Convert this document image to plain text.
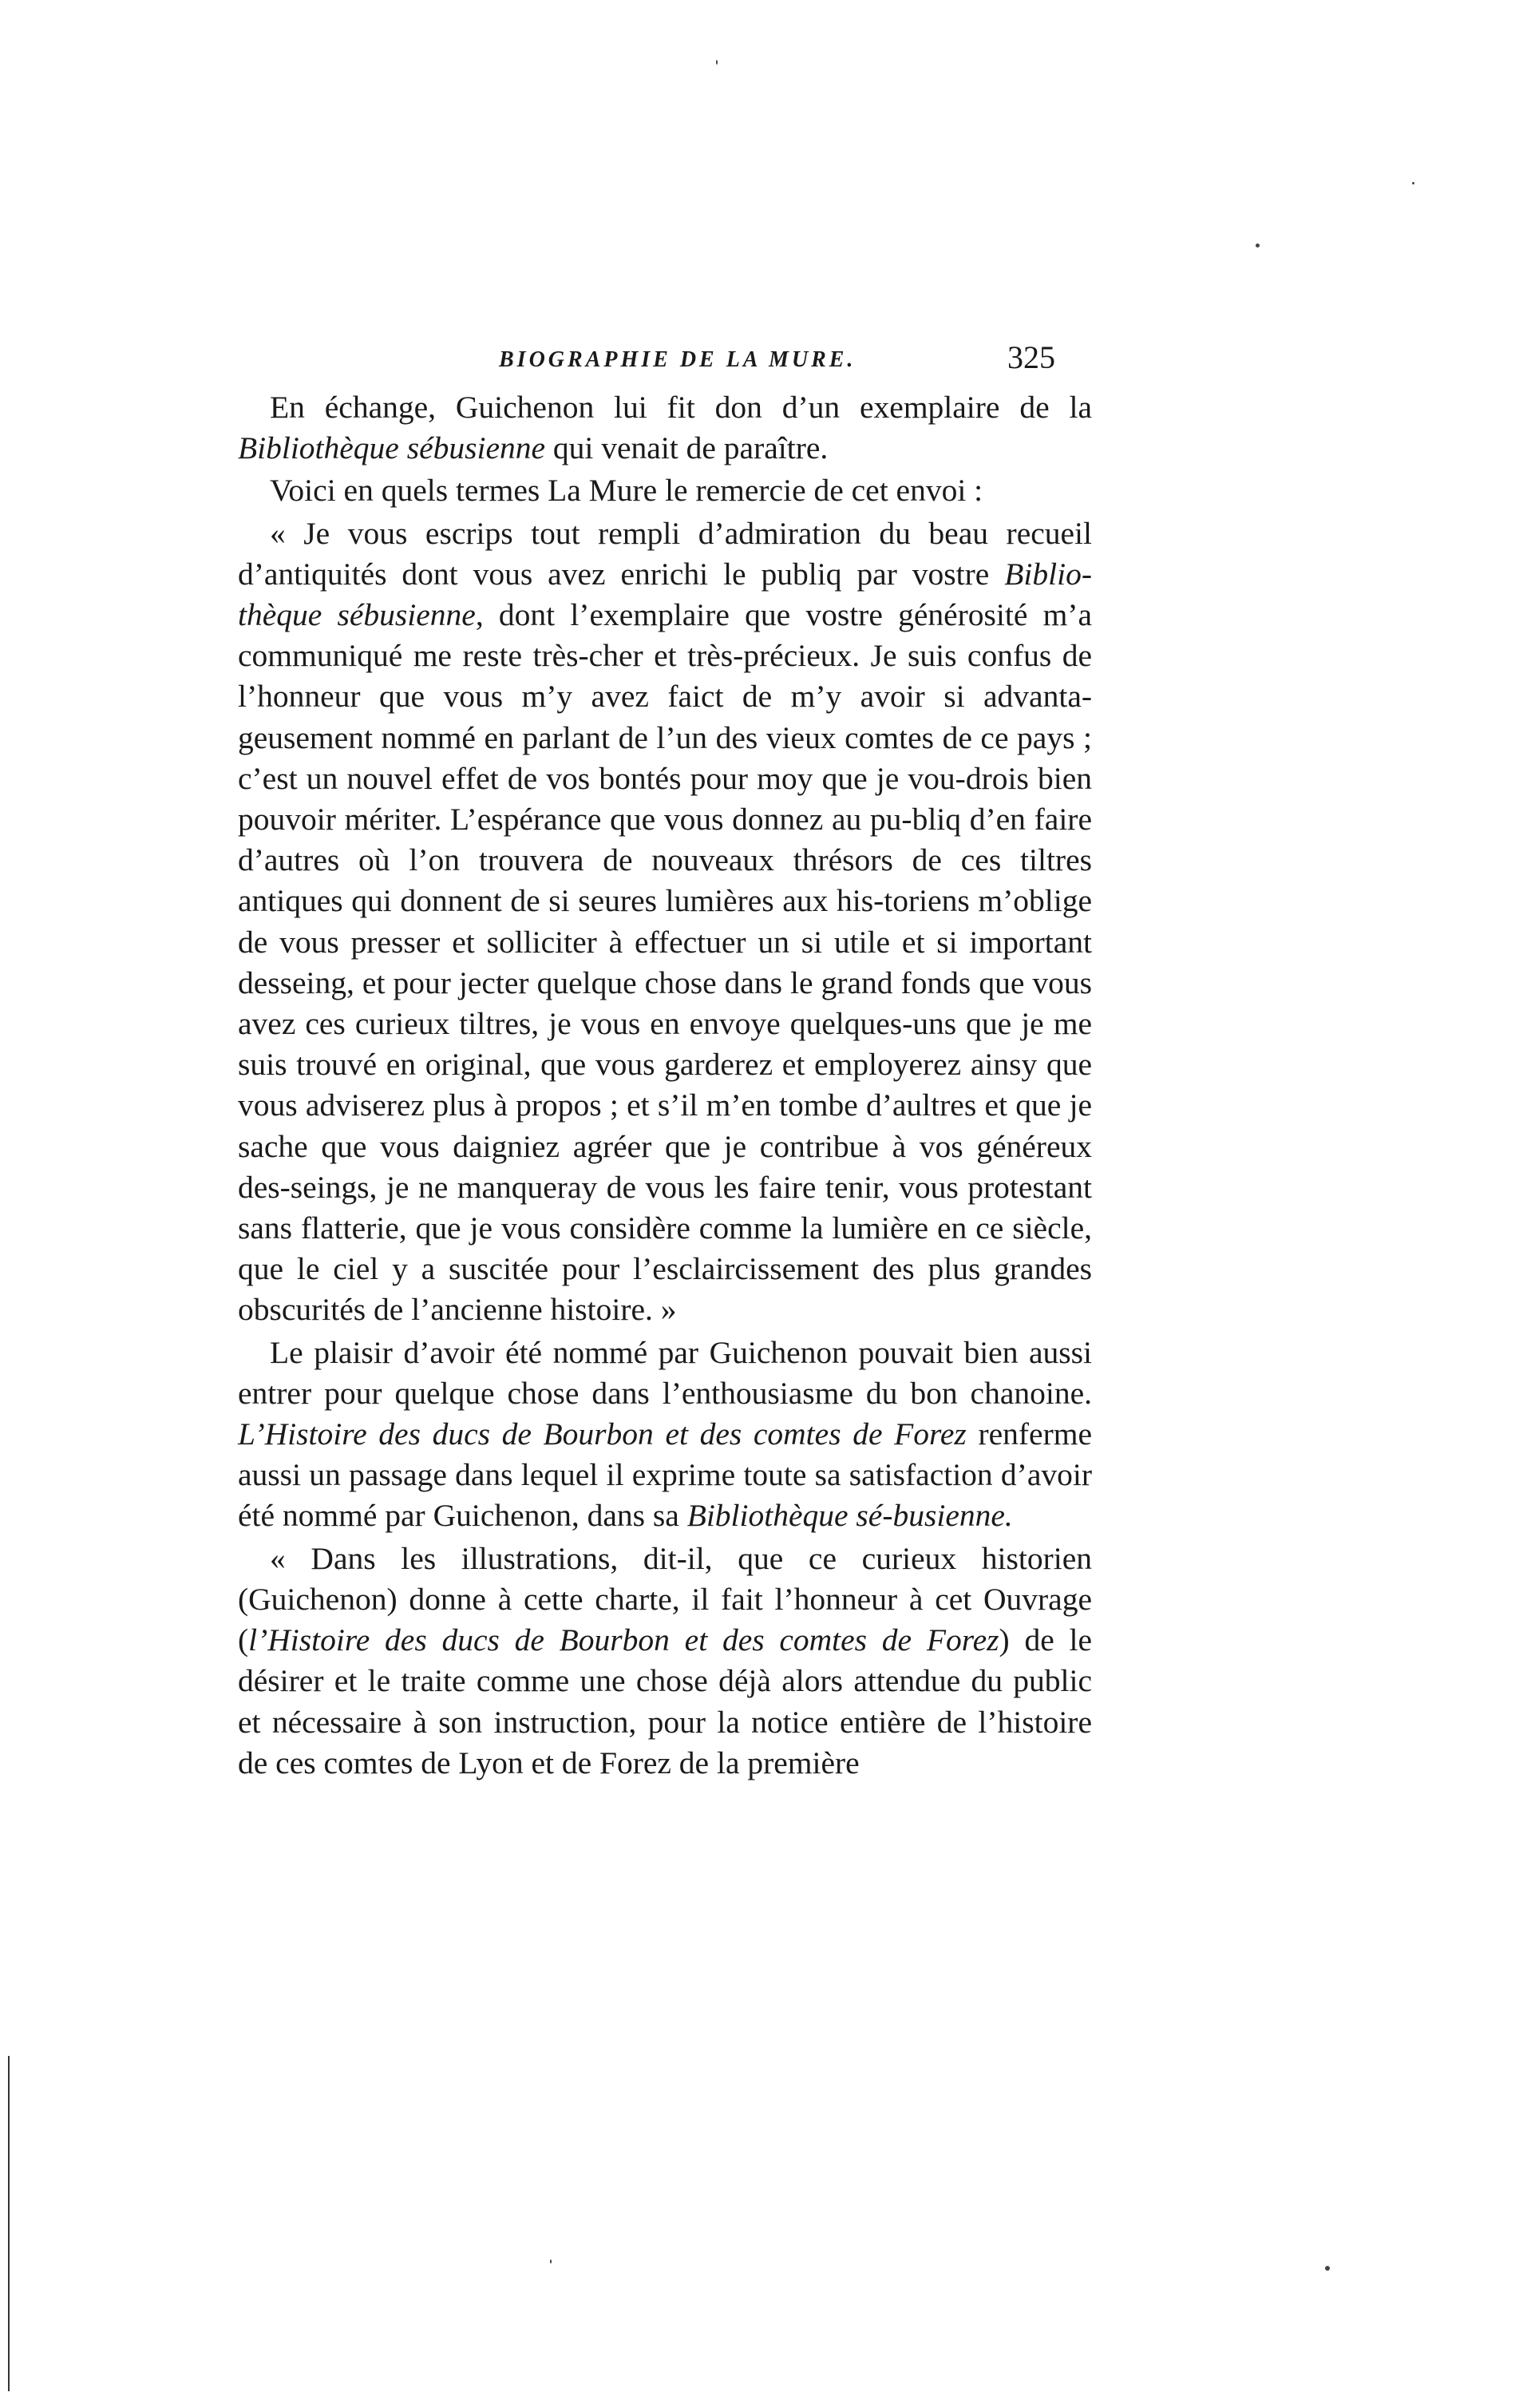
BIOGRAPHIE DE LA MURE.	325

En échange, Guichenon lui fit don d’un exemplaire de la Bibliothèque sébusienne qui venait de paraître.

Voici en quels termes La Mure le remercie de cet envoi :

« Je vous escrips tout rempli d’admiration du beau recueil d’antiquités dont vous avez enrichi le publiq par vostre Biblio-thèque sébusienne, dont l’exemplaire que vostre générosité m’a communiqué me reste très-cher et très-précieux. Je suis confus de l’honneur que vous m’y avez faict de m’y avoir si advanta-geusement nommé en parlant de l’un des vieux comtes de ce pays ; c’est un nouvel effet de vos bontés pour moy que je vou-drois bien pouvoir mériter. L’espérance que vous donnez au pu-bliq d’en faire d’autres où l’on trouvera de nouveaux thrésors de ces tiltres antiques qui donnent de si seures lumières aux his-toriens m’oblige de vous presser et solliciter à effectuer un si utile et si important desseing, et pour jecter quelque chose dans le grand fonds que vous avez ces curieux tiltres, je vous en envoye quelques-uns que je me suis trouvé en original, que vous garderez et employerez ainsy que vous adviserez plus à propos ; et s’il m’en tombe d’aultres et que je sache que vous daigniez agréer que je contribue à vos généreux des-seings, je ne manqueray de vous les faire tenir, vous protestant sans flatterie, que je vous considère comme la lumière en ce siècle, que le ciel y a suscitée pour l’esclaircissement des plus grandes obscurités de l’ancienne histoire. »

Le plaisir d’avoir été nommé par Guichenon pouvait bien aussi entrer pour quelque chose dans l’enthousiasme du bon chanoine. L’Histoire des ducs de Bourbon et des comtes de Forez renferme aussi un passage dans lequel il exprime toute sa satisfaction d’avoir été nommé par Guichenon, dans sa Bibliothèque sé-busienne.

« Dans les illustrations, dit-il, que ce curieux historien (Guichenon) donne à cette charte, il fait l’honneur à cet Ouvrage (l’Histoire des ducs de Bourbon et des comtes de Forez) de le désirer et le traite comme une chose déjà alors attendue du public et nécessaire à son instruction, pour la notice entière de l’histoire de ces comtes de Lyon et de Forez de la première
